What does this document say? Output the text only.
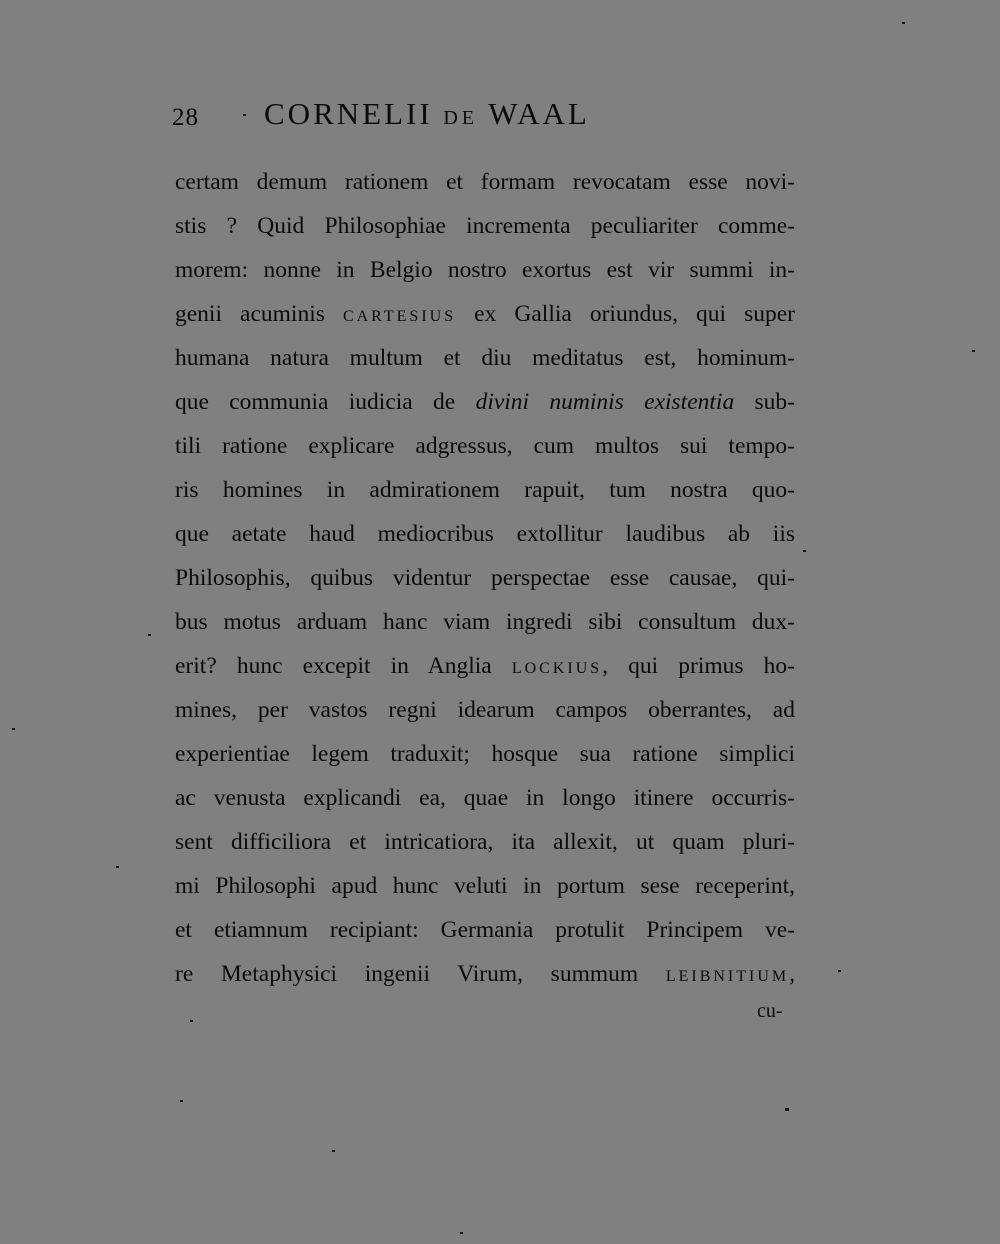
28 CORNELII DE WAAL
certam demum rationem et formam revocatam esse novi-
stis ? Quid Philosophiae incrementa peculiariter comme-
morem: nonne in Belgio nostro exortus est vir summi in-
genii acuminis CARTESIUS ex Gallia oriundus, qui super
humana natura multum et diu meditatus est, hominum-
que communia iudicia de divini numinis existentia sub-
tili ratione explicare adgressus, cum multos sui tempo-
ris homines in admirationem rapuit, tum nostra quo-
que aetate haud mediocribus extollitur laudibus ab iis
Philosophis, quibus videntur perspectae esse causae, qui-
bus motus arduam hanc viam ingredi sibi consultum dux-
erit? hunc excepit in Anglia LOCKIUS, qui primus ho-
mines, per vastos regni idearum campos oberrantes, ad
experientiae legem traduxit; hosque sua ratione simplici
ac venusta explicandi ea, quae in longo itinere occurris-
sent difficiliora et intricatiora, ita allexit, ut quam pluri-
mi Philosophi apud hunc veluti in portum sese receperint,
et etiamnum recipiant: Germania protulit Principem ve-
re Metaphysici ingenii Virum, summum LEIBNITIUM,
cu-
